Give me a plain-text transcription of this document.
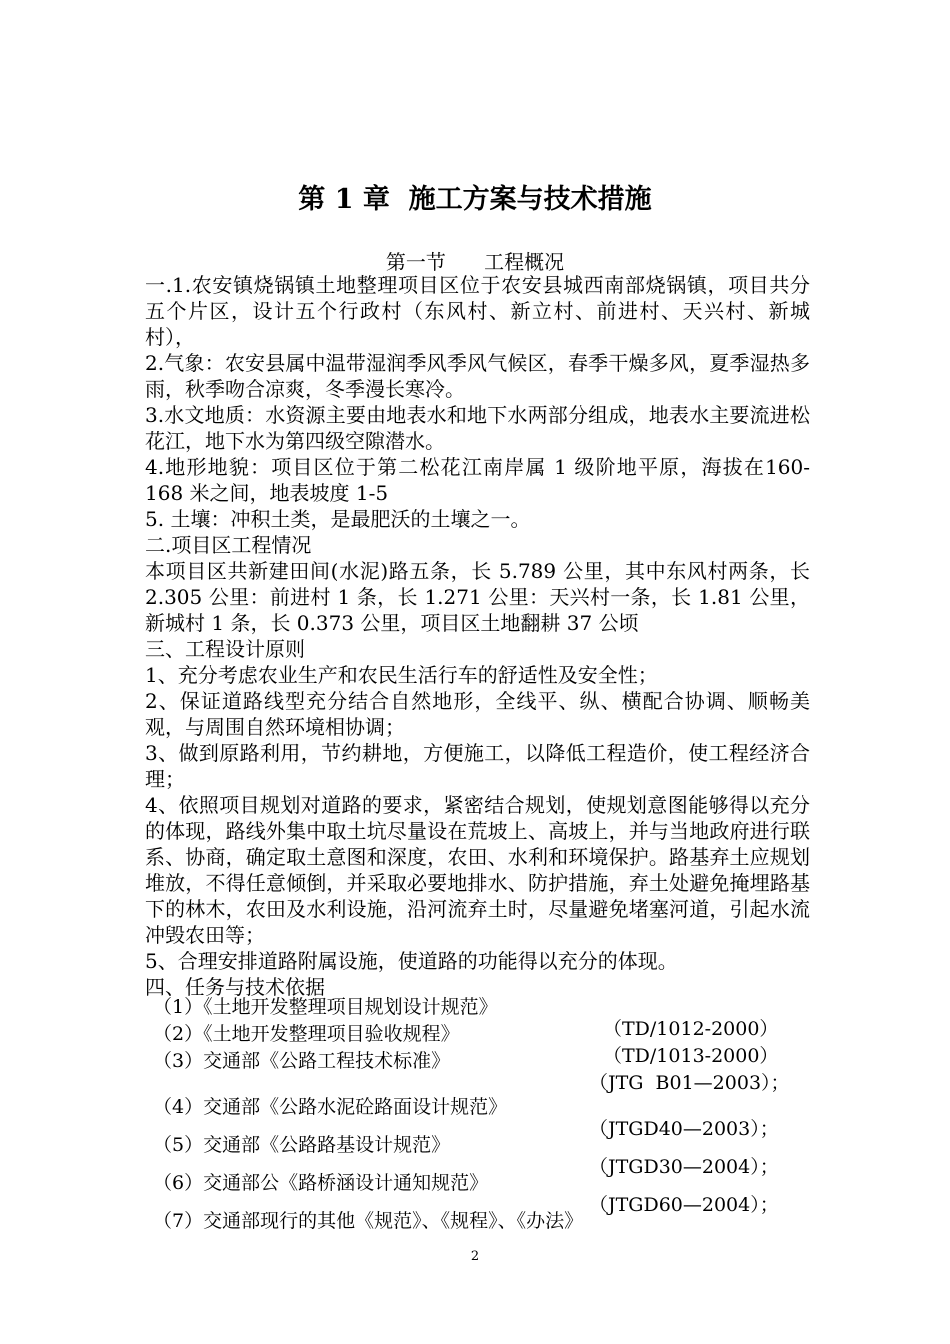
第 1 章  施工方案与技术措施
第一节      工程概况

一.1.农安镇烧锅镇土地整理项目区位于农安县城西南部烧锅镇，项目共分五个片区，设计五个行政村（东风村、新立村、前进村、天兴村、新城村），

2.气象：农安县属中温带湿润季风季风气候区，春季干燥多风，夏季湿热多雨，秋季吻合凉爽，冬季漫长寒冷。

3.水文地质：水资源主要由地表水和地下水两部分组成，地表水主要流进松花江，地下水为第四级空隙潜水。

4.地形地貌：项目区位于第二松花江南岸属 1 级阶地平原，海拔在160-168 米之间，地表坡度 1-5

5. 土壤：冲积土类，是最肥沃的土壤之一。

二.项目区工程情况

本项目区共新建田间(水泥)路五条，长 5.789 公里，其中东风村两条，长 2.305 公里：前进村 1 条，长 1.271 公里：天兴村一条，长 1.81 公里，新城村 1 条，长 0.373 公里，项目区土地翻耕 37 公顷

三、工程设计原则

1、充分考虑农业生产和农民生活行车的舒适性及安全性；

2、保证道路线型充分结合自然地形，全线平、纵、横配合协调、顺畅美观，与周围自然环境相协调；

3、做到原路利用，节约耕地，方便施工，以降低工程造价，使工程经济合理；

4、依照项目规划对道路的要求，紧密结合规划，使规划意图能够得以充分的体现，路线外集中取土坑尽量设在荒坡上、高坡上，并与当地政府进行联系、协商，确定取土意图和深度，农田、水利和环境保护。路基弃土应规划堆放，不得任意倾倒，并采取必要地排水、防护措施，弃土处避免掩埋路基下的林木，农田及水利设施，沿河流弃土时，尽量避免堵塞河道，引起水流冲毁农田等；

5、合理安排道路附属设施，使道路的功能得以充分的体现。

四、任务与技术依据

（1）《土地开发整理项目规划设计规范》

（TD/1012-2000）

（2）《土地开发整理项目验收规程》

（TD/1013-2000）

（3）交通部《公路工程技术标准》

（JTG  B01—2003）；

（4）交通部《公路水泥砼路面设计规范》

（JTGD40—2003）；

（5）交通部《公路路基设计规范》

（JTGD30—2004）；

（6）交通部公《路桥涵设计通知规范》

（JTGD60—2004）；

（7）交通部现行的其他《规范》、《规程》、《办法》

2
